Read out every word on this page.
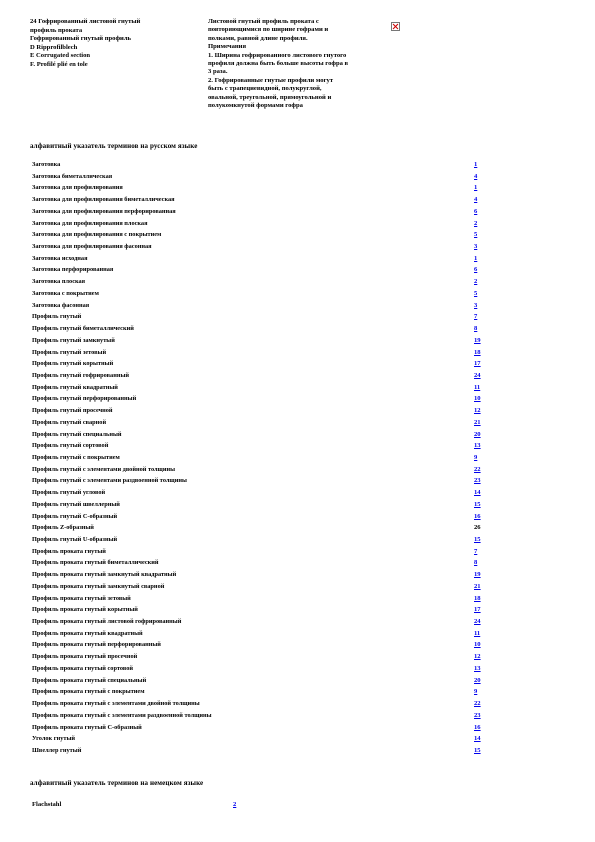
24 Гофрированный листовой гнутый
профиль проката
Гофрированный гнутый профиль
D Ripprofilblech
E Corrugated section
F. Profilé plié en tole
Листовой гнутый профиль проката с
повторяющимися по ширине гофрами и
полками, равной длине профиля.
Примечания
1. Ширина гофрированного листового гнутого
профиля должна быть больше высоты гофра в
3 раза.
2. Гофрированные гнутые профили могут
быть с трапециевидной, полукруглой,
овальной, треугольной, прямоугольной и
полукомкнутой формами гофра
алфавитный указатель терминов на русском языке
Заготовка	1
Заготовка биметаллическая	4
Заготовка для профилирования	1
Заготовка для профилирования биметаллическая	4
Заготовка для профилирования перфорированная	6
Заготовка для профилирования плоская	2
Заготовка для профилирования с покрытием	5
Заготовка для профилирования фасонная	3
Заготовка исходная	1
Заготовка перфорированная	6
Заготовка плоская	2
Заготовка с покрытием	5
Заготовка фасонная	3
Профиль гнутый	7
Профиль гнутый биметаллический	8
Профиль гнутый замкнутый	19
Профиль гнутый зетовый	18
Профиль гнутый корытный	17
Профиль гнутый гофрированный	24
Профиль гнутый квадратный	11
Профиль гнутый перфорированный	10
Профиль гнутый просечной	12
Профиль гнутый сварной	21
Профиль гнутый специальный	20
Профиль гнутый сортовой	13
Профиль гнутый с покрытием	9
Профиль гнутый с элементами двойной толщины	22
Профиль гнутый с элементами раздвоенной толщины	23
Профиль гнутый угловой	14
Профиль гнутый швеллерный	15
Профиль гнутый С-образный	16
Профиль Z-образный	26
Профиль гнутый U-образный	15
Профиль проката гнутый	7
Профиль проката гнутый биметаллический	8
Профиль проката гнутый замкнутый квадратный	19
Профиль проката гнутый замкнутый сварной	21
Профиль проката гнутый зетовый	18
Профиль проката гнутый корытный	17
Профиль проката гнутый листовой гофрированный	24
Профиль проката гнутый квадратный	11
Профиль проката гнутый перфорированный	10
Профиль проката гнутый просечной	12
Профиль проката гнутый сортовой	13
Профиль проката гнутый специальный	20
Профиль проката гнутый с покрытием	9
Профиль проката гнутый с элементами двойной толщины	22
Профиль проката гнутый с элементами раздвоенной толщины	23
Профиль проката гнутый С-образный	16
Уголок гнутый	14
Швеллер гнутый	15
алфавитный указатель терминов на немецком языке
Flachstahl	2
